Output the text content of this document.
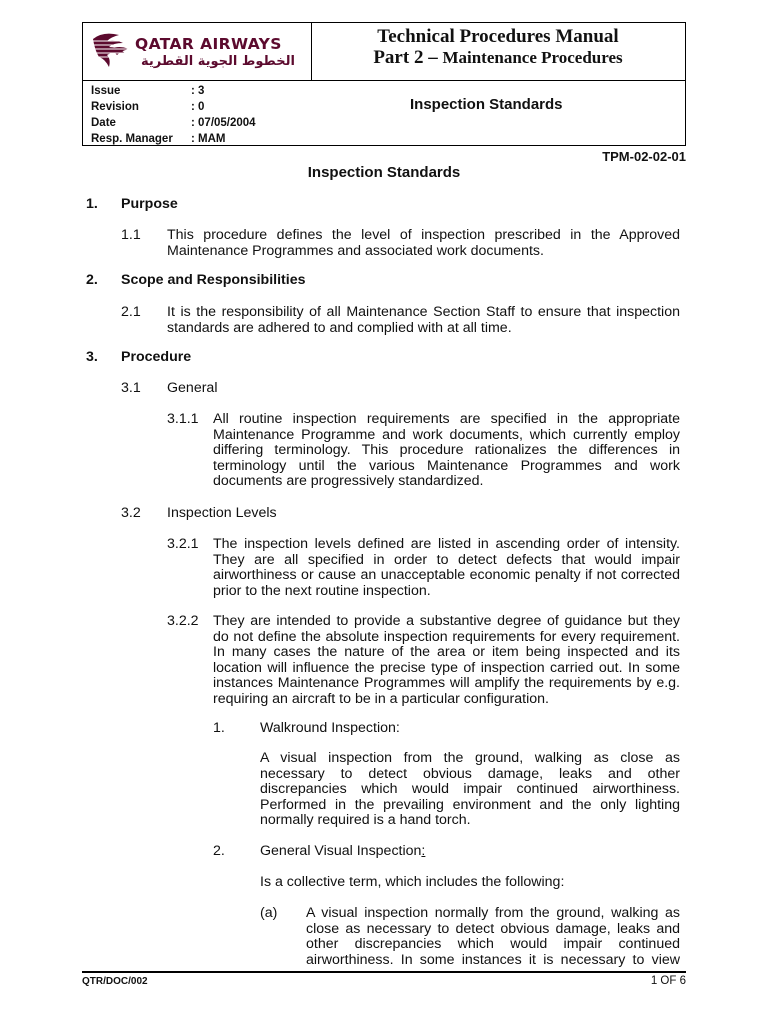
QATAR AIRWAYS
الخطوط الجوية القطرية
Technical Procedures Manual
Part 2 – Maintenance Procedures
Issue	: 3
Revision	: 0
Date	: 07/05/2004
Resp. Manager	: MAM
Inspection Standards
TPM-02-02-01
Inspection Standards
1. Purpose
1.1 This procedure defines the level of inspection prescribed in the Approved
Maintenance Programmes and associated work documents.
2. Scope and Responsibilities
2.1 It is the responsibility of all Maintenance Section Staff to ensure that inspection
standards are adhered to and complied with at all time.
3. Procedure
3.1 General
3.1.1 All routine inspection requirements are specified in the appropriate
Maintenance Programme and work documents, which currently employ
differing terminology. This procedure rationalizes the differences in
terminology until the various Maintenance Programmes and work
documents are progressively standardized.
3.2 Inspection Levels
3.2.1 The inspection levels defined are listed in ascending order of intensity.
They are all specified in order to detect defects that would impair
airworthiness or cause an unacceptable economic penalty if not corrected
prior to the next routine inspection.
3.2.2 They are intended to provide a substantive degree of guidance but they
do not define the absolute inspection requirements for every requirement.
In many cases the nature of the area or item being inspected and its
location will influence the precise type of inspection carried out. In some
instances Maintenance Programmes will amplify the requirements by e.g.
requiring an aircraft to be in a particular configuration.
1. Walkround Inspection:
A visual inspection from the ground, walking as close as
necessary to detect obvious damage, leaks and other
discrepancies which would impair continued airworthiness.
Performed in the prevailing environment and the only lighting
normally required is a hand torch.
2. General Visual Inspection:
Is a collective term, which includes the following:
(a) A visual inspection normally from the ground, walking as
close as necessary to detect obvious damage, leaks and
other discrepancies which would impair continued
airworthiness. In some instances it is necessary to view
QTR/DOC/002	1 OF 6
